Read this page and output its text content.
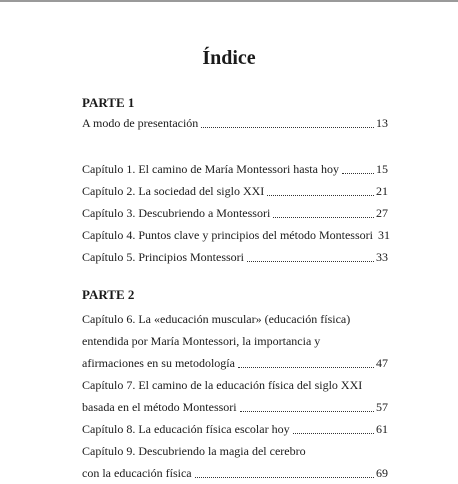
Índice
PARTE 1
A modo de presentación	13
Capítulo 1. El camino de María Montessori hasta hoy	15
Capítulo 2. La sociedad del siglo XXI	21
Capítulo 3. Descubriendo a Montessori	27
Capítulo 4. Puntos clave y principios del método Montessori 31
Capítulo 5. Principios Montessori	33
PARTE 2
Capítulo 6. La «educación muscular» (educación física)
entendida por María Montessori, la importancia y
afirmaciones en su metodología	47
Capítulo 7. El camino de la educación física del siglo XXI
basada en el método Montessori	57
Capítulo 8. La educación física escolar hoy	61
Capítulo 9. Descubriendo la magia del cerebro
con la educación física	69
